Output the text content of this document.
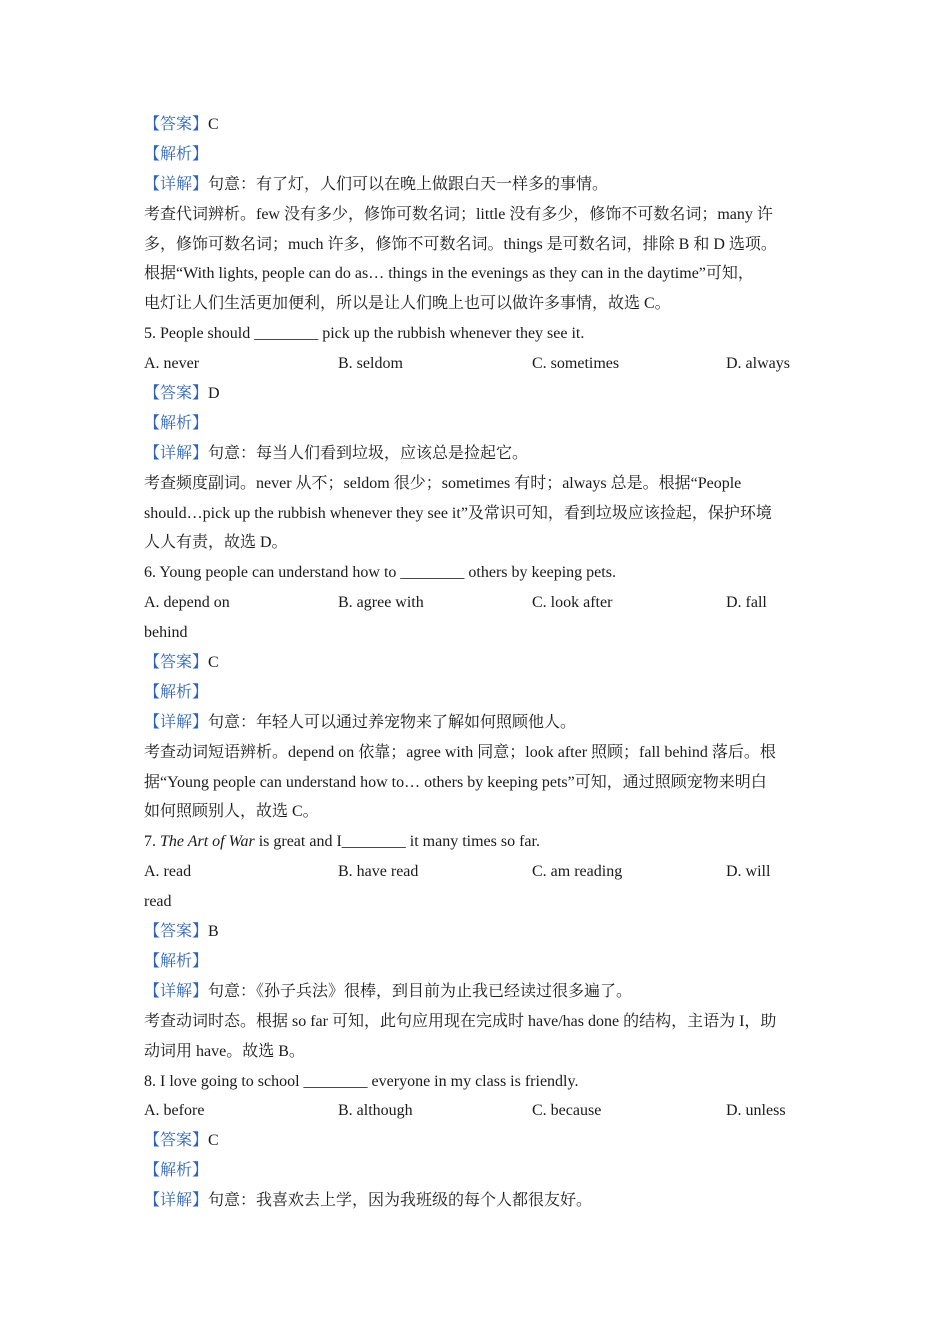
【答案】C
【解析】
【详解】句意：有了灯，人们可以在晚上做跟白天一样多的事情。
考查代词辨析。few 没有多少，修饰可数名词；little 没有多少，修饰不可数名词；many 许
多，修饰可数名词；much 许多，修饰不可数名词。things 是可数名词，排除 B 和 D 选项。
根据“With lights, people can do as… things in the evenings as they can in the daytime”可知，
电灯让人们生活更加便利，所以是让人们晚上也可以做许多事情，故选 C。
5. People should ________ pick up the rubbish whenever they see it.
A. never	B. seldom	C. sometimes	D. always
【答案】D
【解析】
【详解】句意：每当人们看到垃圾，应该总是捡起它。
考查频度副词。never 从不；seldom 很少；sometimes 有时；always 总是。根据“People
should…pick up the rubbish whenever they see it”及常识可知，看到垃圾应该捡起，保护环境
人人有责，故选 D。
6. Young people can understand how to ________ others by keeping pets.
A. depend on	B. agree with	C. look after	D. fall
behind
【答案】C
【解析】
【详解】句意：年轻人可以通过养宠物来了解如何照顾他人。
考查动词短语辨析。depend on 依靠；agree with 同意；look after 照顾；fall behind 落后。根
据“Young people can understand how to… others by keeping pets”可知，通过照顾宠物来明白
如何照顾别人，故选 C。
7. The Art of War is great and I________ it many times so far.
A. read	B. have read	C. am reading	D. will
read
【答案】B
【解析】
【详解】句意：《孙子兵法》很棒，到目前为止我已经读过很多遍了。
考查动词时态。根据 so far 可知，此句应用现在完成时 have/has done 的结构，主语为 I，助
动词用 have。故选 B。
8. I love going to school ________ everyone in my class is friendly.
A. before	B. although	C. because	D. unless
【答案】C
【解析】
【详解】句意：我喜欢去上学，因为我班级的每个人都很友好。
